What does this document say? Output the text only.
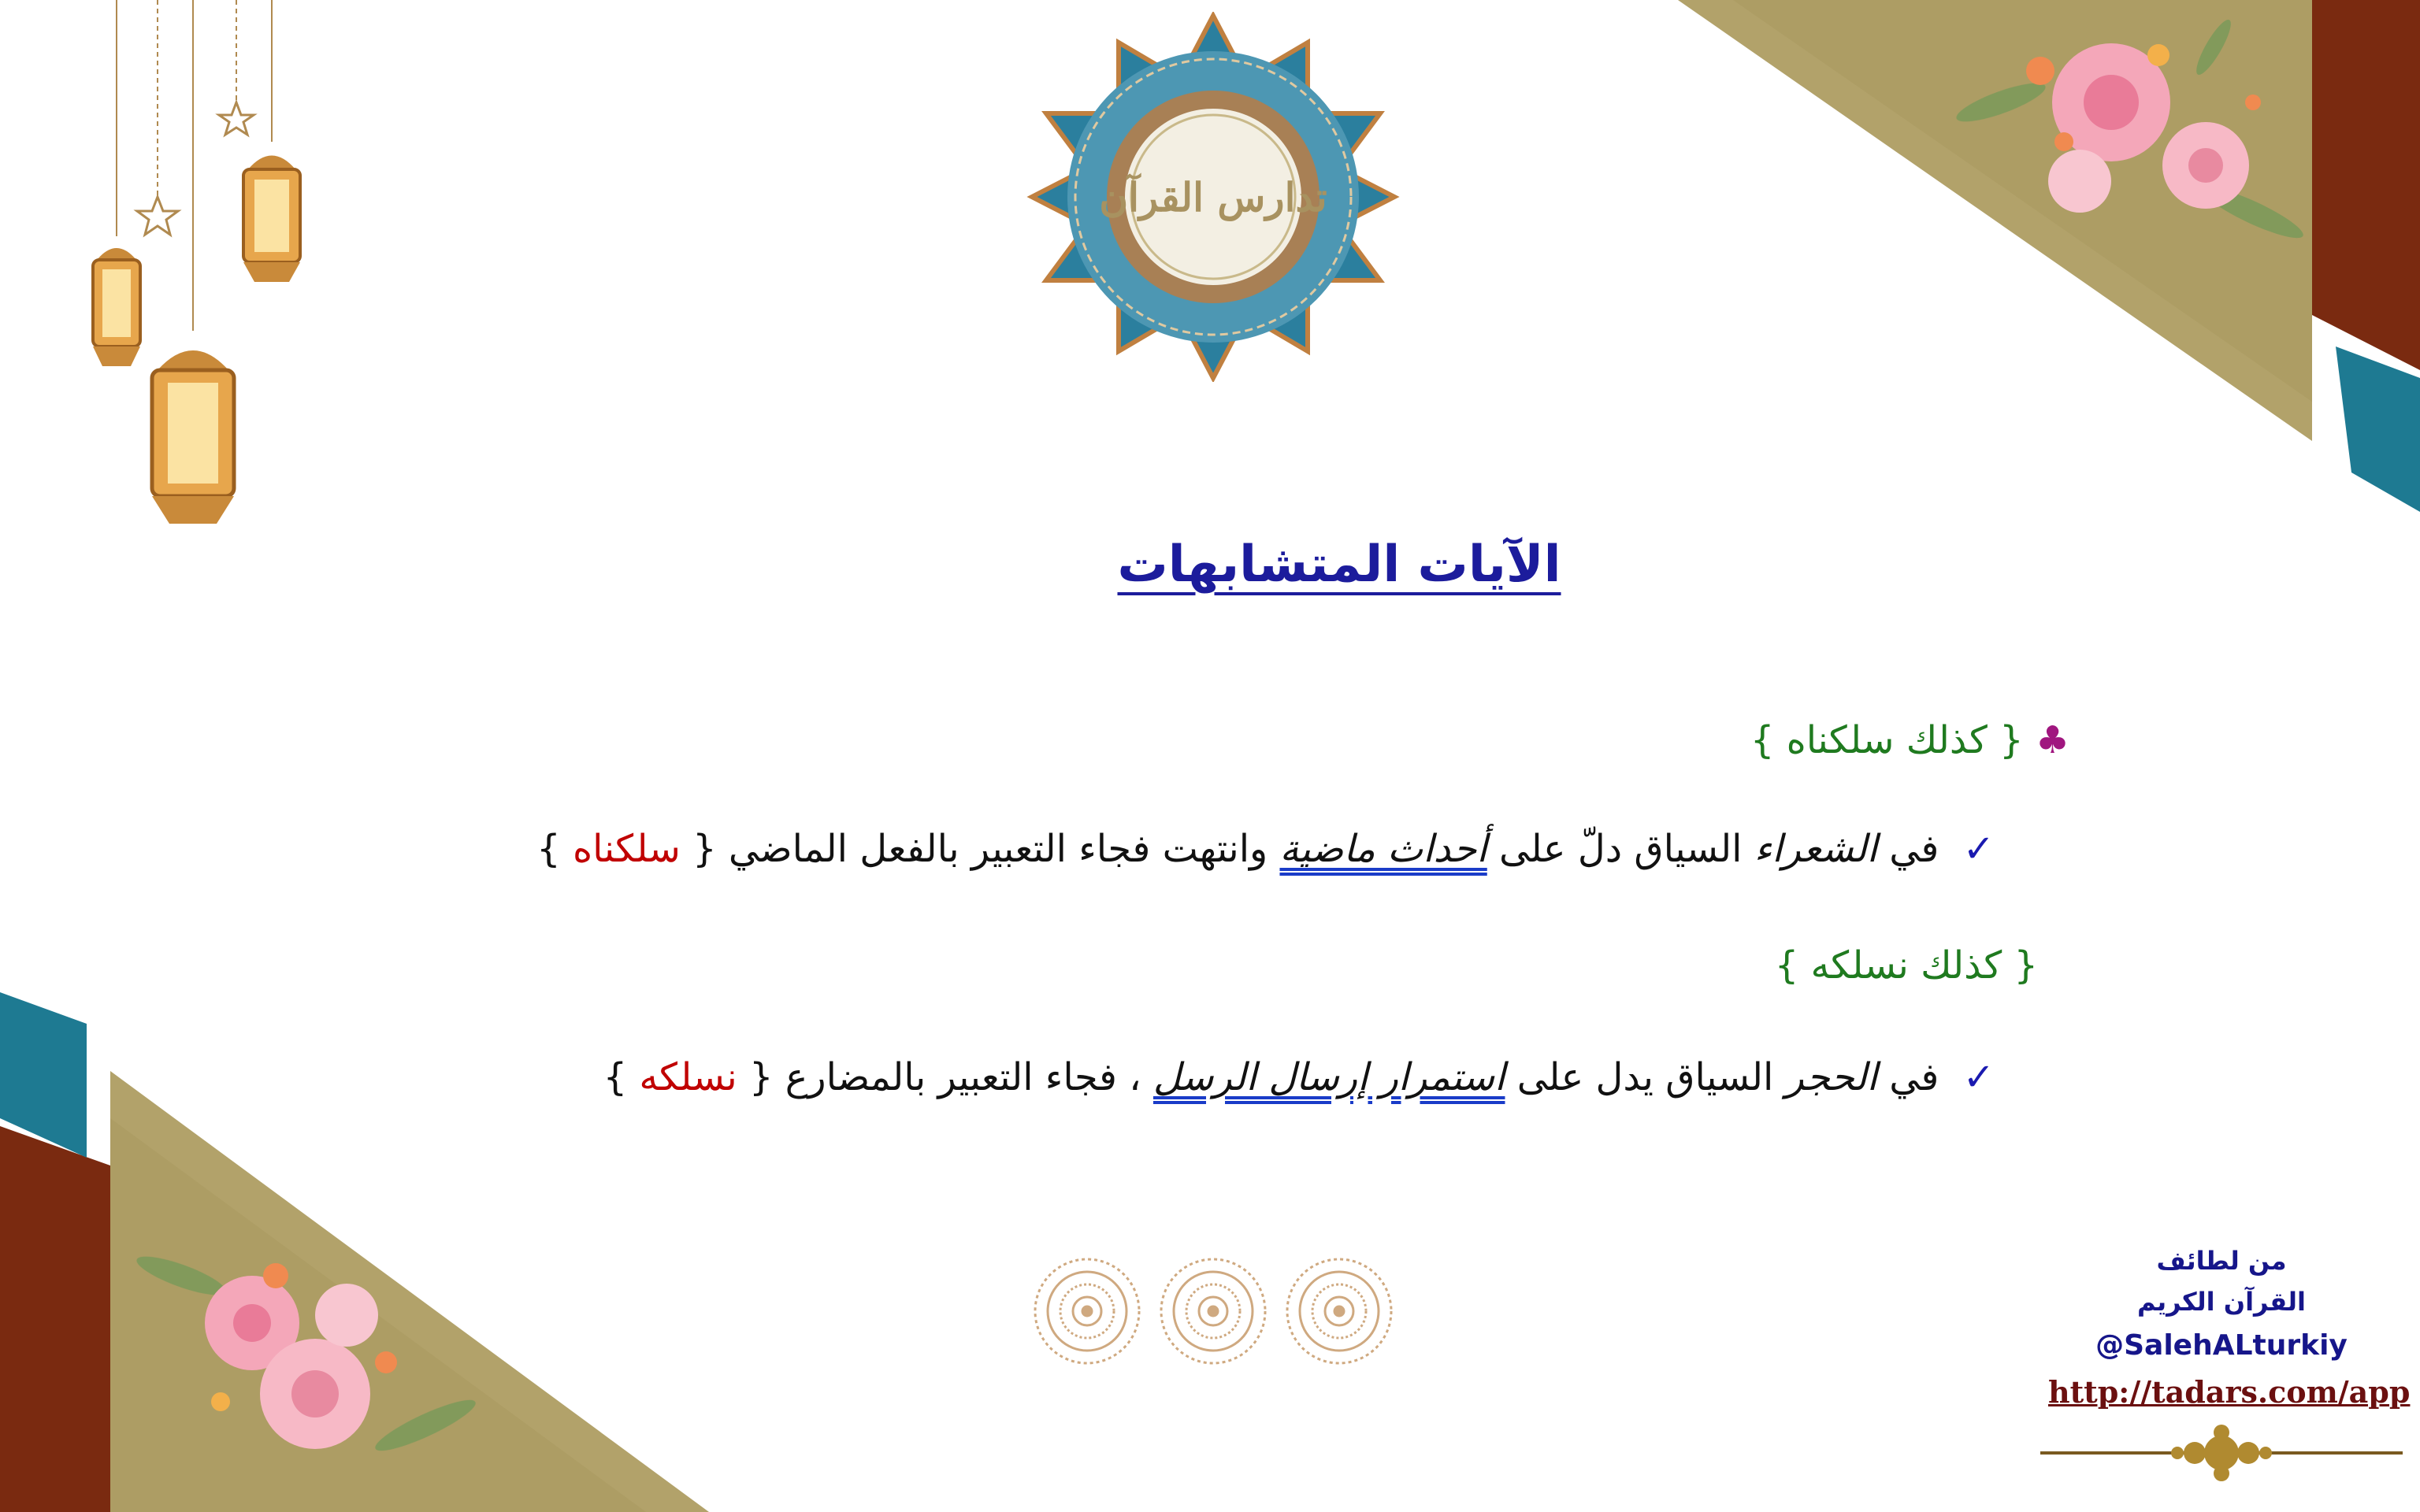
تدارس القرآن
الآيات المتشابهات
♣ { كذلك سلكناه }
✓  في الشعراء السياق دلّ على أحداث ماضية وانتهت فجاء التعبير بالفعل الماضي { سلكناه }
{ كذلك نسلكه }
✓  في الحجر السياق يدل على استمرار إرسال الرسل ، فجاء التعبير بالمضارع { نسلكه }
من لطائف
القرآن الكريم
@SalehALturkiy
http://tadars.com/app
